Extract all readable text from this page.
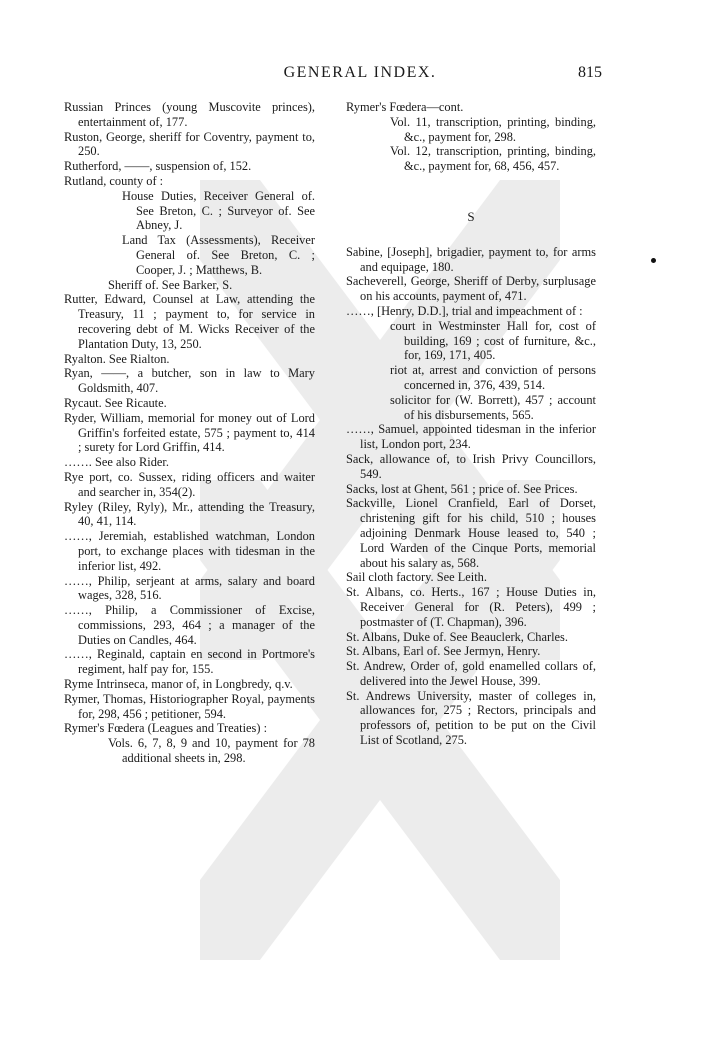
GENERAL INDEX.	815

Russian Princes (young Muscovite princes), entertainment of, 177.

Ruston, George, sheriff for Coventry, payment to, 250.

Rutherford, ——, suspension of, 152.

Rutland, county of :

House Duties, Receiver General of. See Breton, C. ; Surveyor of. See Abney, J.

Land Tax (Assessments), Receiver General of. See Breton, C. ; Cooper, J. ; Matthews, B.

Sheriff of. See Barker, S.

Rutter, Edward, Counsel at Law, attending the Treasury, 11 ; payment to, for service in recovering debt of M. Wicks Receiver of the Plantation Duty, 13, 250.

Ryalton. See Rialton.

Ryan, ——, a butcher, son in law to Mary Goldsmith, 407.

Rycaut. See Ricaute.

Ryder, William, memorial for money out of Lord Griffin's forfeited estate, 575 ; payment to, 414 ; surety for Lord Griffin, 414.

……. See also Rider.

Rye port, co. Sussex, riding officers and waiter and searcher in, 354(2).

Ryley (Riley, Ryly), Mr., attending the Treasury, 40, 41, 114.

……, Jeremiah, established watchman, London port, to exchange places with tidesman in the inferior list, 492.

……, Philip, serjeant at arms, salary and board wages, 328, 516.

……, Philip, a Commissioner of Excise, commissions, 293, 464 ; a manager of the Duties on Candles, 464.

……, Reginald, captain en second in Portmore's regiment, half pay for, 155.

Ryme Intrinseca, manor of, in Longbredy, q.v.

Rymer, Thomas, Historiographer Royal, payments for, 298, 456 ; petitioner, 594.

Rymer's Fœdera (Leagues and Treaties) :

Vols. 6, 7, 8, 9 and 10, payment for 78 additional sheets in, 298.

Rymer's Fœdera—cont.

Vol. 11, transcription, printing, binding, &c., payment for, 298.

Vol. 12, transcription, printing, binding, &c., payment for, 68, 456, 457.

S

Sabine, [Joseph], brigadier, payment to, for arms and equipage, 180.

Sacheverell, George, Sheriff of Derby, surplusage on his accounts, payment of, 471.

……, [Henry, D.D.], trial and impeachment of :

court in Westminster Hall for, cost of building, 169 ; cost of furniture, &c., for, 169, 171, 405.

riot at, arrest and conviction of persons concerned in, 376, 439, 514.

solicitor for (W. Borrett), 457 ; account of his disbursements, 565.

……, Samuel, appointed tidesman in the inferior list, London port, 234.

Sack, allowance of, to Irish Privy Councillors, 549.

Sacks, lost at Ghent, 561 ; price of. See Prices.

Sackville, Lionel Cranfield, Earl of Dorset, christening gift for his child, 510 ; houses adjoining Denmark House leased to, 540 ; Lord Warden of the Cinque Ports, memorial about his salary as, 568.

Sail cloth factory. See Leith.

St. Albans, co. Herts., 167 ; House Duties in, Receiver General for (R. Peters), 499 ; postmaster of (T. Chapman), 396.

St. Albans, Duke of. See Beauclerk, Charles.

St. Albans, Earl of. See Jermyn, Henry.

St. Andrew, Order of, gold enamelled collars of, delivered into the Jewel House, 399.

St. Andrews University, master of colleges in, allowances for, 275 ; Rectors, principals and professors of, petition to be put on the Civil List of Scotland, 275.
